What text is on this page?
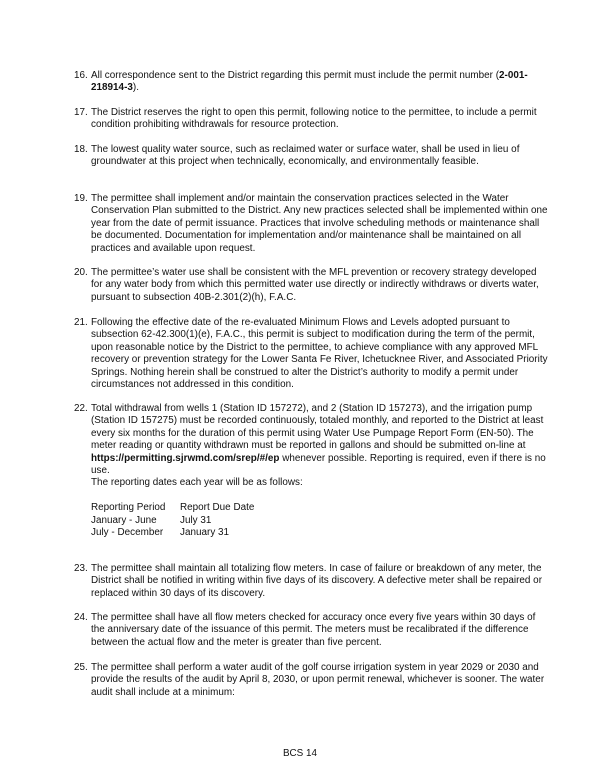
16. All correspondence sent to the District regarding this permit must include the permit number (2-001-218914-3).

17. The District reserves the right to open this permit, following notice to the permittee, to include a permit condition prohibiting withdrawals for resource protection.

18. The lowest quality water source, such as reclaimed water or surface water, shall be used in lieu of groundwater at this project when technically, economically, and environmentally feasible.

19. The permittee shall implement and/or maintain the conservation practices selected in the Water Conservation Plan submitted to the District. Any new practices selected shall be implemented within one year from the date of permit issuance. Practices that involve scheduling methods or maintenance shall be documented. Documentation for implementation and/or maintenance shall be maintained on all practices and available upon request.

20. The permittee’s water use shall be consistent with the MFL prevention or recovery strategy developed for any water body from which this permitted water use directly or indirectly withdraws or diverts water, pursuant to subsection 40B-2.301(2)(h), F.A.C.

21. Following the effective date of the re-evaluated Minimum Flows and Levels adopted pursuant to subsection 62-42.300(1)(e), F.A.C., this permit is subject to modification during the term of the permit, upon reasonable notice by the District to the permittee, to achieve compliance with any approved MFL recovery or prevention strategy for the Lower Santa Fe River, Ichetucknee River, and Associated Priority Springs. Nothing herein shall be construed to alter the District’s authority to modify a permit under circumstances not addressed in this condition.

22. Total withdrawal from wells 1 (Station ID 157272), and 2 (Station ID 157273), and the irrigation pump (Station ID 157275) must be recorded continuously, totaled monthly, and reported to the District at least every six months for the duration of this permit using Water Use Pumpage Report Form (EN-50). The meter reading or quantity withdrawn must be reported in gallons and should be submitted on-line at https://permitting.sjrwmd.com/srep/#/ep whenever possible. Reporting is required, even if there is no use.

The reporting dates each year will be as follows:

Reporting Period	Report Due Date
January - June	July 31
July - December	January 31
23. The permittee shall maintain all totalizing flow meters. In case of failure or breakdown of any meter, the District shall be notified in writing within five days of its discovery. A defective meter shall be repaired or replaced within 30 days of its discovery.

24. The permittee shall have all flow meters checked for accuracy once every five years within 30 days of the anniversary date of the issuance of this permit. The meters must be recalibrated if the difference between the actual flow and the meter is greater than five percent.

25. The permittee shall perform a water audit of the golf course irrigation system in year 2029 or 2030 and provide the results of the audit by April 8, 2030, or upon permit renewal, whichever is sooner. The water audit shall include at a minimum:

BCS 14
